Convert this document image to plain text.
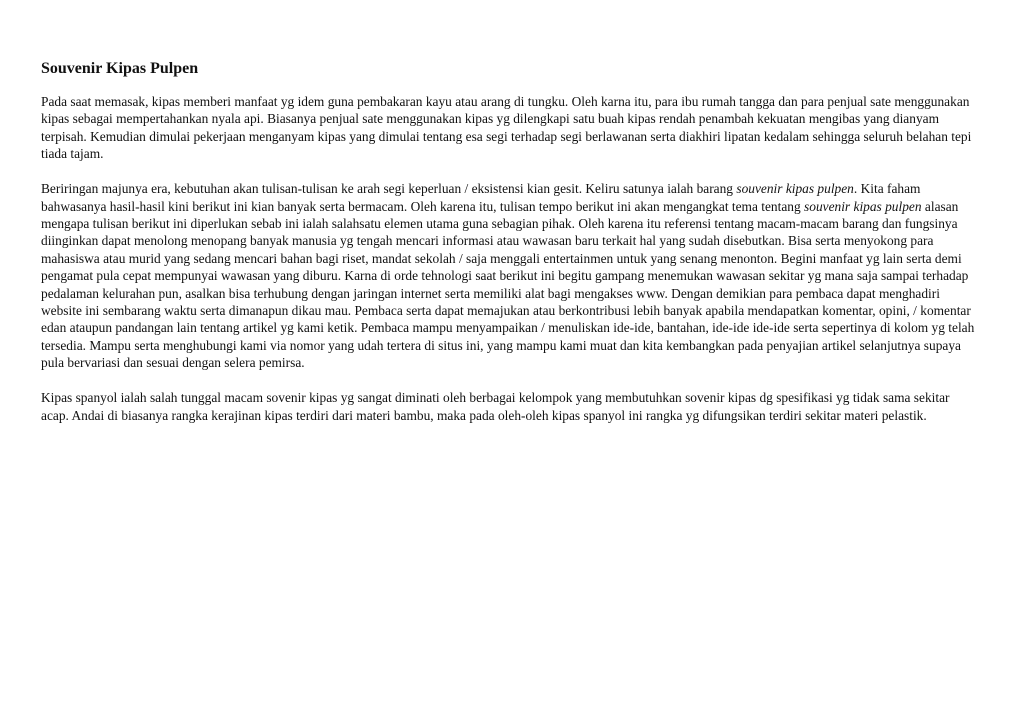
Souvenir Kipas Pulpen

Pada saat memasak, kipas memberi manfaat yg idem guna pembakaran kayu atau arang di tungku. Oleh karna itu, para ibu rumah tangga dan para penjual sate menggunakan kipas sebagai mempertahankan nyala api. Biasanya penjual sate menggunakan kipas yg dilengkapi satu buah kipas rendah penambah kekuatan mengibas yang dianyam terpisah. Kemudian dimulai pekerjaan menganyam kipas yang dimulai tentang esa segi terhadap segi berlawanan serta diakhiri lipatan kedalam sehingga seluruh belahan tepi tiada tajam.

Beriringan majunya era, kebutuhan akan tulisan-tulisan ke arah segi keperluan / eksistensi kian gesit. Keliru satunya ialah barang souvenir kipas pulpen. Kita faham bahwasanya hasil-hasil kini berikut ini kian banyak serta bermacam. Oleh karena itu, tulisan tempo berikut ini akan mengangkat tema tentang souvenir kipas pulpen alasan mengapa tulisan berikut ini diperlukan sebab ini ialah salahsatu elemen utama guna sebagian pihak. Oleh karena itu referensi tentang macam-macam barang dan fungsinya diinginkan dapat menolong menopang banyak manusia yg tengah mencari informasi atau wawasan baru terkait hal yang sudah disebutkan. Bisa serta menyokong para mahasiswa atau murid yang sedang mencari bahan bagi riset, mandat sekolah / saja menggali entertainmen untuk yang senang menonton. Begini manfaat yg lain serta demi pengamat pula cepat mempunyai wawasan yang diburu. Karna di orde tehnologi saat berikut ini begitu gampang menemukan wawasan sekitar yg mana saja sampai terhadap pedalaman kelurahan pun, asalkan bisa terhubung dengan jaringan internet serta memiliki alat bagi mengakses www. Dengan demikian para pembaca dapat menghadiri website ini sembarang waktu serta dimanapun dikau mau. Pembaca serta dapat memajukan atau berkontribusi lebih banyak apabila mendapatkan komentar, opini, / komentar edan ataupun pandangan lain tentang artikel yg kami ketik. Pembaca mampu menyampaikan / menuliskan ide-ide, bantahan, ide-ide ide-ide serta sepertinya di kolom yg telah tersedia. Mampu serta menghubungi kami via nomor yang udah tertera di situs ini, yang mampu kami muat dan kita kembangkan pada penyajian artikel selanjutnya supaya pula bervariasi dan sesuai dengan selera pemirsa.

Kipas spanyol ialah salah tunggal macam sovenir kipas yg sangat diminati oleh berbagai kelompok yang membutuhkan sovenir kipas dg spesifikasi yg tidak sama sekitar acap. Andai di biasanya rangka kerajinan kipas terdiri dari materi bambu, maka pada oleh-oleh kipas spanyol ini rangka yg difungsikan terdiri sekitar materi pelastik.
